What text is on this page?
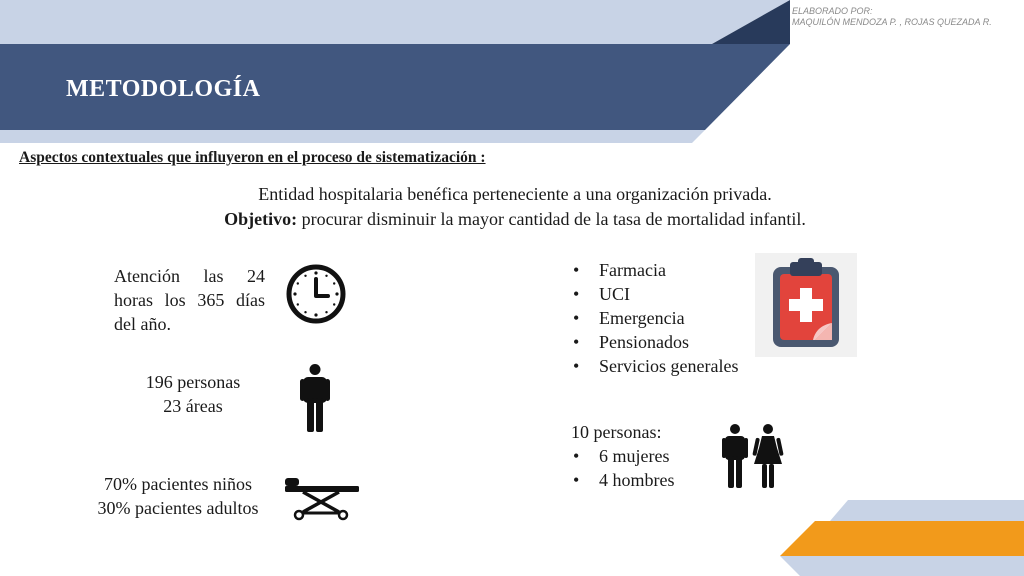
ELABORADO POR:
MAQUILÓN MENDOZA P. , ROJAS QUEZADA R.
METODOLOGÍA
Aspectos contextuales que influyeron en el proceso de sistematización :
Entidad hospitalaria benéfica perteneciente a una organización privada.
Objetivo: procurar disminuir la mayor cantidad de la tasa de mortalidad infantil.
Atención las 24
horas los 365 días
del año.
196 personas
23 áreas
70% pacientes niños
30% pacientes adultos
• Farmacia
• UCI
• Emergencia
• Pensionados
• Servicios generales
10 personas:
• 6 mujeres
• 4 hombres
